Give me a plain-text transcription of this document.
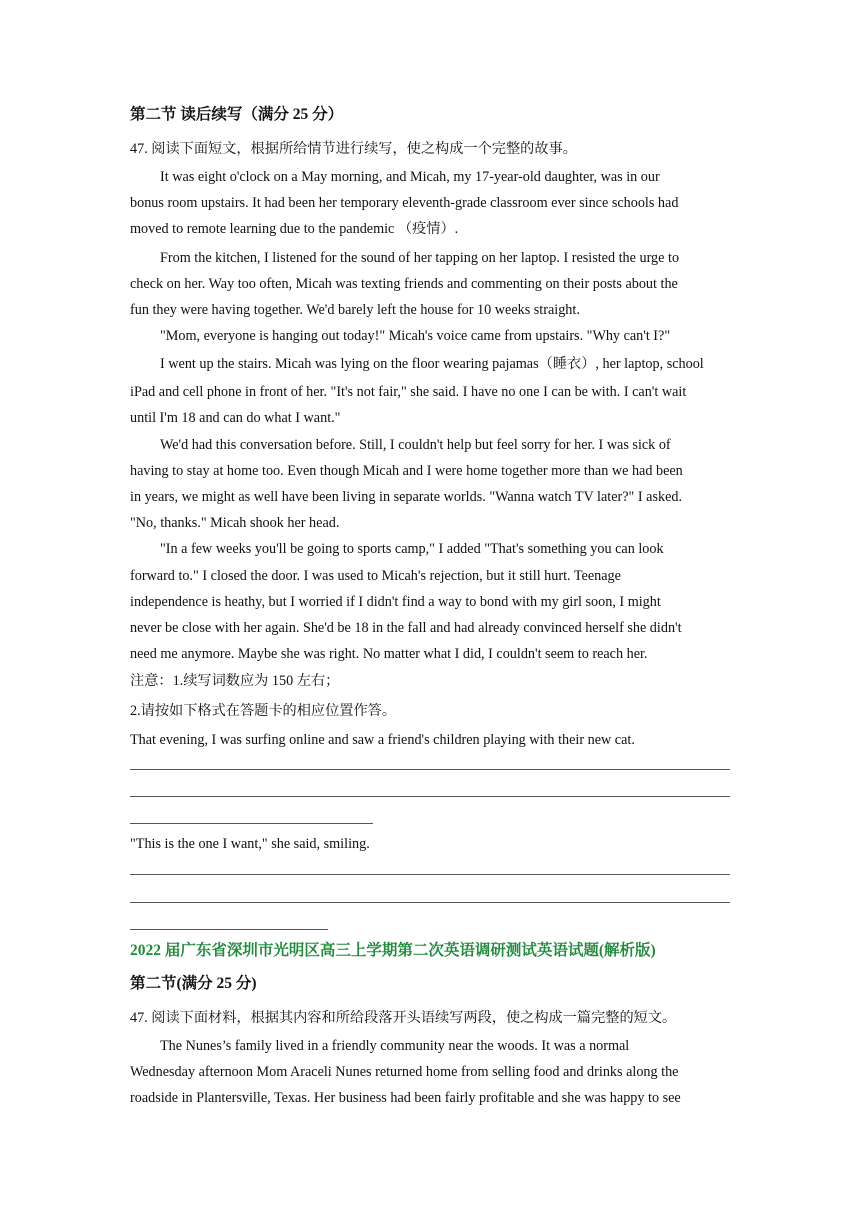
第二节 读后续写（满分 25 分）
47. 阅读下面短文，根据所给情节进行续写，使之构成一个完整的故事。
It was eight o'clock on a May morning, and Micah, my 17-year-old daughter, was in our
bonus room upstairs. It had been her temporary eleventh-grade classroom ever since schools had
moved to remote learning due to the pandemic （疫情）.
From the kitchen, I listened for the sound of her tapping on her laptop. I resisted the urge to
check on her. Way too often, Micah was texting friends and commenting on their posts about the
fun they were having together. We'd barely left the house for 10 weeks straight.
"Mom, everyone is hanging out today!" Micah's voice came from upstairs. "Why can't I?"
I went up the stairs. Micah was lying on the floor wearing pajamas（睡衣）, her laptop, school
iPad and cell phone in front of her. "It's not fair," she said. I have no one I can be with. I can't wait
until I'm 18 and can do what I want."
We'd had this conversation before. Still, I couldn't help but feel sorry for her. I was sick of
having to stay at home too. Even though Micah and I were home together more than we had been
in years, we might as well have been living in separate worlds. "Wanna watch TV later?" I asked.
"No, thanks." Micah shook her head.
"In a few weeks you'll be going to sports camp," I added "That's something you can look
forward to." I closed the door. I was used to Micah's rejection, but it still hurt. Teenage
independence is heathy, but I worried if I didn't find a way to bond with my girl soon, I might
never be close with her again. She'd be 18 in the fall and had already convinced herself she didn't
need me anymore. Maybe she was right. No matter what I did, I couldn't seem to reach her.
注意：1.续写词数应为 150 左右；
2.请按如下格式在答题卡的相应位置作答。
That evening, I was surfing online and saw a friend's children playing with their new cat.
"This is the one I want," she said, smiling.
2022 届广东省深圳市光明区高三上学期第二次英语调研测试英语试题(解析版)
第二节(满分 25 分)
47. 阅读下面材料，根据其内容和所给段落开头语续写两段，使之构成一篇完整的短文。
The Nunes’s family lived in a friendly community near the woods. It was a normal
Wednesday afternoon Mom Araceli Nunes returned home from selling food and drinks along the
roadside in Plantersville, Texas. Her business had been fairly profitable and she was happy to see
